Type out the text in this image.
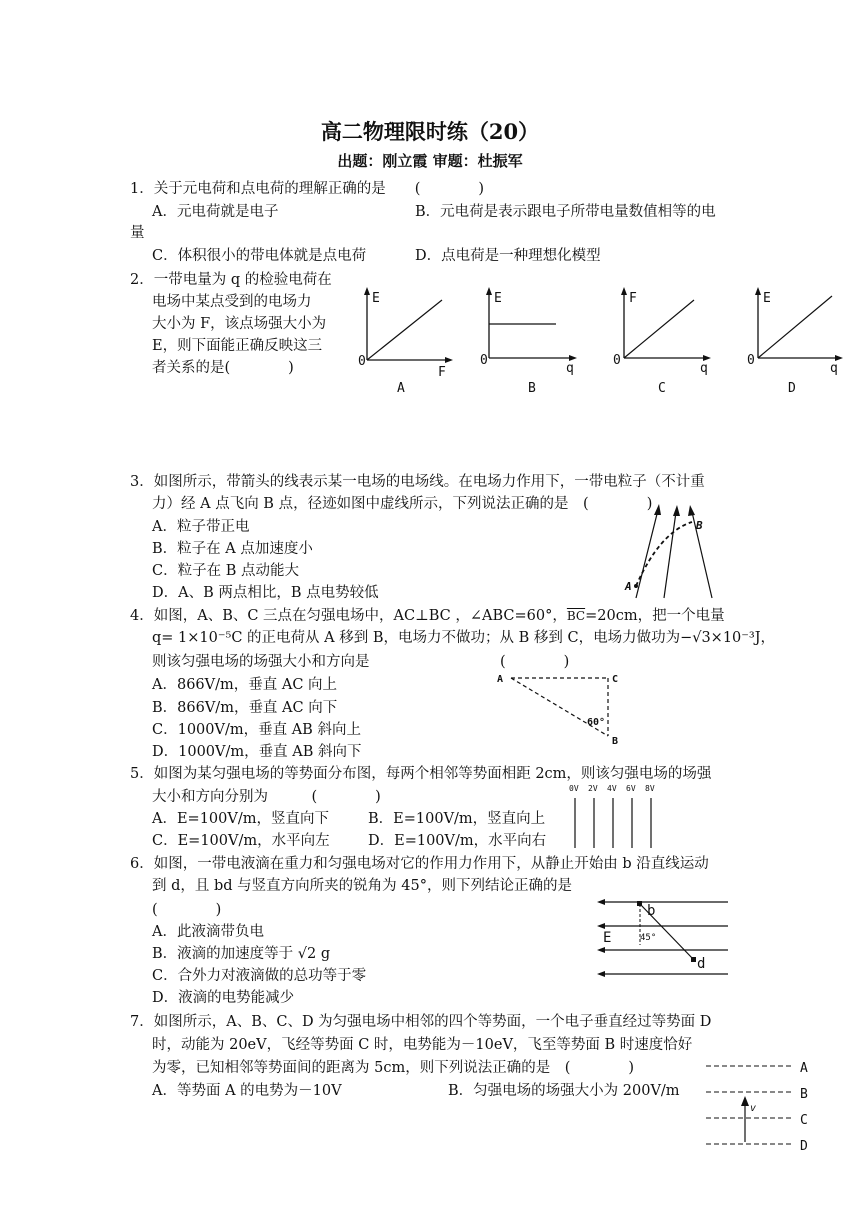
高二物理限时练（20）
出题：刚立霞 审题：杜振军
1．关于元电荷和点电荷的理解正确的是　　(　　　　)
A．元电荷就是电子	B．元电荷是表示跟电子所带电量数值相等的电
量
C．体积很小的带电体就是点电荷	D．点电荷是一种理想化模型
2．一带电量为 q 的检验电荷在
电场中某点受到的电场力
大小为 F，该点场强大小为
E，则下面能正确反映这三
者关系的是(　　　　)
E
0
F
A
E
0
q
B
F
0
q
C
E
0
q
D
3．如图所示，带箭头的线表示某一电场的电场线。在电场力作用下，一带电粒子（不计重
力）经 A 点飞向 B 点，径迹如图中虚线所示，下列说法正确的是　(　　　　)
A．粒子带正电
B．粒子在 A 点加速度小
C．粒子在 B 点动能大
D．A、B 两点相比，B 点电势较低	A
B
4．如图，A、B、C 三点在匀强电场中，AC⊥BC ，∠ABC=60°，$\overline{BC}=20cm$，把一个电量
q= 1×10⁻⁵C 的正电荷从 A 移到 B，电场力不做功；从 B 移到 C，电场力做功为−√3×10⁻³J，
则该匀强电场的场强大小和方向是　　　　　　　　　(　　　　)
A．866V/m，垂直 AC 向上
B．866V/m，垂直 AC 向下
C．1000V/m，垂直 AB 斜向上
D．1000V/m，垂直 AB 斜向下
A	C
B
60°
5．如图为某匀强电场的等势面分布图，每两个相邻等势面相距 2cm，则该匀强电场的场强
大小和方向分别为　　　(　　　　)
A．E=100V/m，竖直向下	B．E=100V/m，竖直向上
C．E=100V/m，水平向左	D．E=100V/m，水平向右
0V 2V 4V 6V 8V
6．如图，一带电液滴在重力和匀强电场对它的作用力作用下，从静止开始由 b 沿直线运动
到 d，且 bd 与竖直方向所夹的锐角为 45°，则下列结论正确的是
(　　　　)
A．此液滴带负电
B．液滴的加速度等于 √2 g
C．合外力对液滴做的总功等于零
D．液滴的电势能减少
b
d
E	45°
7．如图所示，A、B、C、D 为匀强电场中相邻的四个等势面，一个电子垂直经过等势面 D
时，动能为 20eV，飞经等势面 C 时，电势能为－10eV，飞至等势面 B 时速度恰好
为零，已知相邻等势面间的距离为 5cm，则下列说法正确的是　(　　　　)
A．等势面 A 的电势为－10V	B．匀强电场的场强大小为 200V/m
A
B
C
D
v
